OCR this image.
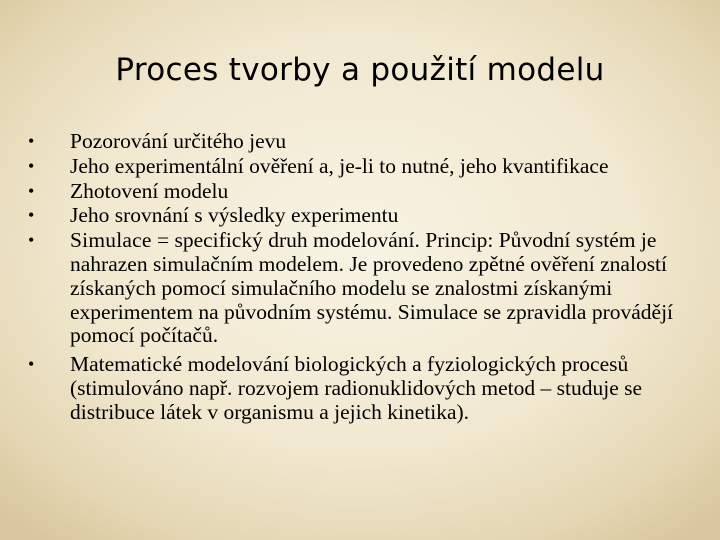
Proces tvorby a použití modelu
•	Pozorování určitého jevu
•	Jeho experimentální ověření a, je-li to nutné, jeho kvantifikace
•	Zhotovení modelu
•	Jeho srovnání s výsledky experimentu
•	Simulace = specifický druh modelování. Princip: Původní systém je nahrazen simulačním modelem. Je provedeno zpětné ověření znalostí získaných pomocí simulačního modelu se znalostmi získanými experimentem na původním systému. Simulace se zpravidla provádějí pomocí počítačů.
•	Matematické modelování biologických a fyziologických procesů (stimulováno např. rozvojem radionuklidových metod – studuje se distribuce látek v organismu a jejich kinetika).
